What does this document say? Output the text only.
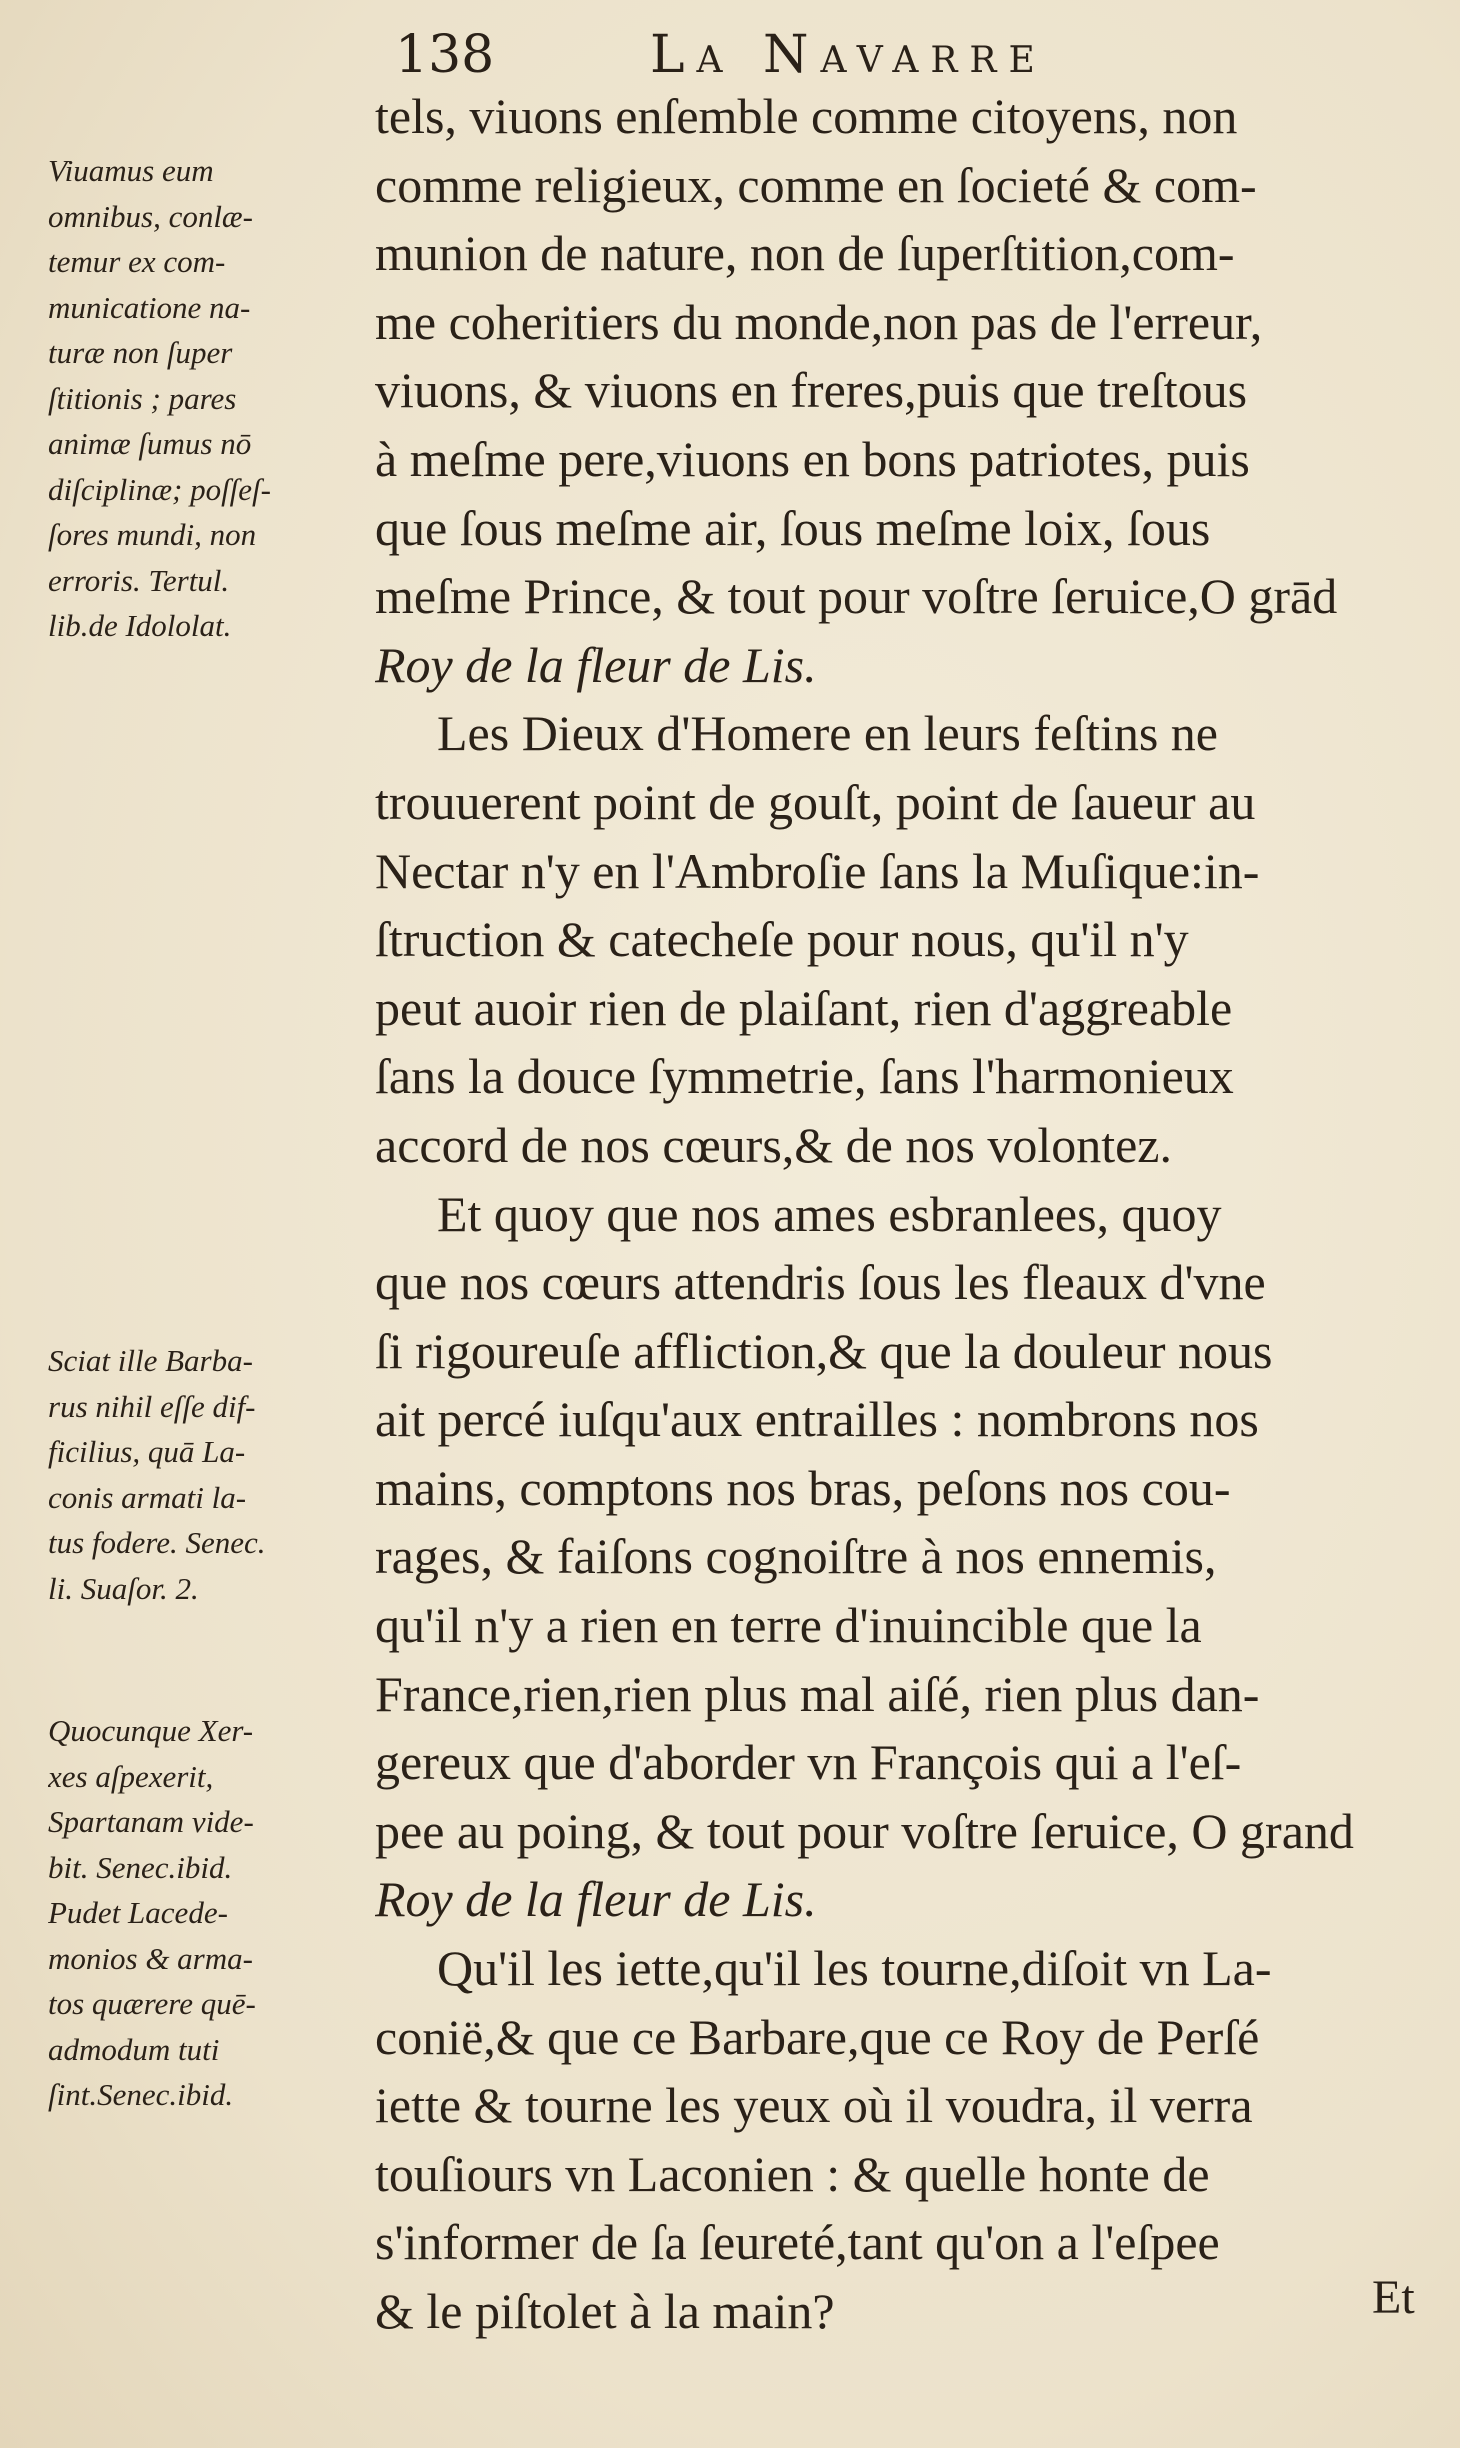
138	La Navarre
tels, viuons enſemble comme citoyens, non
comme religieux, comme en ſocieté & com-
munion de nature, non de ſuperſtition,com-
me coheritiers du monde,non pas de l'erreur,
viuons, & viuons en freres,puis que treſtous
à meſme pere,viuons en bons patriotes, puis
que ſous meſme air, ſous meſme loix, ſous
meſme Prince, & tout pour voſtre ſeruice,O grād
Roy de la fleur de Lis.
Les Dieux d'Homere en leurs feſtins ne
trouuerent point de gouſt, point de ſaueur au
Nectar n'y en l'Ambroſie ſans la Muſique:in-
ſtruction & catecheſe pour nous, qu'il n'y
peut auoir rien de plaiſant, rien d'aggreable
ſans la douce ſymmetrie, ſans l'harmonieux
accord de nos cœurs,& de nos volontez.
Et quoy que nos ames esbranlees, quoy
que nos cœurs attendris ſous les fleaux d'vne
ſi rigoureuſe affliction,& que la douleur nous
ait percé iuſqu'aux entrailles : nombrons nos
mains, comptons nos bras, peſons nos cou-
rages, & faiſons cognoiſtre à nos ennemis,
qu'il n'y a rien en terre d'inuincible que la
France,rien,rien plus mal aiſé, rien plus dan-
gereux que d'aborder vn François qui a l'eſ-
pee au poing, & tout pour voſtre ſeruice, O grand
Roy de la fleur de Lis.
Qu'il les iette,qu'il les tourne,diſoit vn La-
conië,& que ce Barbare,que ce Roy de Perſé
iette & tourne les yeux où il voudra, il verra
touſiours vn Laconien : & quelle honte de
s'informer de ſa ſeureté,tant qu'on a l'eſpee
& le piſtolet à la main?
Viuamus eum
omnibus, conlæ-
temur ex com-
municatione na-
turæ non ſuper
ſtitionis ; pares
animæ ſumus nō
diſciplinæ; poſſeſ-
ſores mundi, non
erroris. Tertul.
lib.de Idololat.
Sciat ille Barba-
rus nihil eſſe dif-
ficilius, quā La-
conis armati la-
tus fodere. Senec.
li. Suaſor. 2.
Quocunque Xer-
xes aſpexerit,
Spartanam vide-
bit. Senec.ibid.
Pudet Lacede-
monios & arma-
tos quærere quē-
admodum tuti
ſint.Senec.ibid.
Et
